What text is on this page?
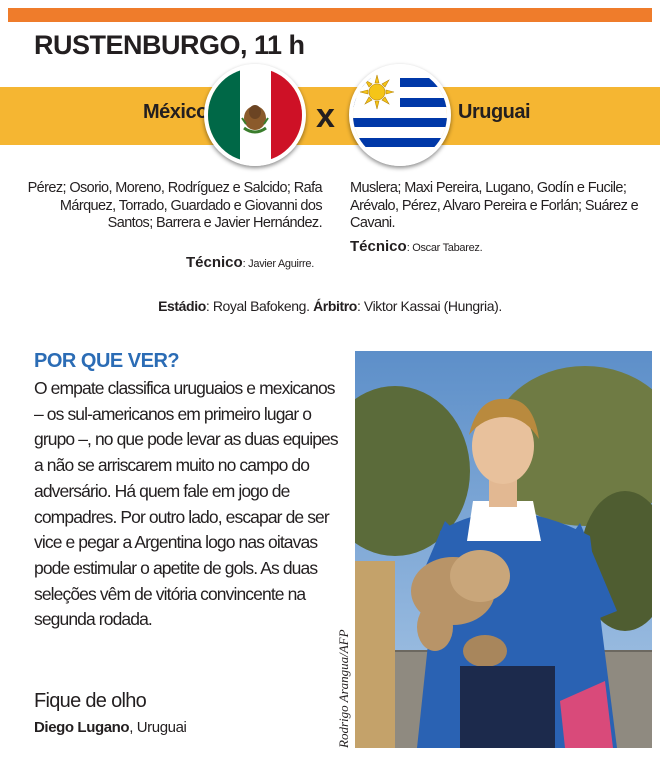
RUSTENBURGO, 11 h
México	x	Uruguai
Pérez; Osorio, Moreno, Rodríguez e Salcido; Rafa Márquez, Torrado, Guardado e Giovanni dos Santos; Barrera e Javier Hernández.
Muslera; Maxi Pereira, Lugano, Godín e Fucile; Arévalo, Pérez, Alvaro Pereira e Forlán; Suárez e Cavani.
Técnico: Javier Aguirre.
Técnico: Oscar Tabarez.
Estádio: Royal Bafokeng. Árbitro: Viktor Kassai (Hungria).
POR QUE VER?
O empate classifica uruguaios e mexicanos – os sul-americanos em primeiro lugar o grupo –, no que pode levar as duas equipes a não se arriscarem muito no campo do adversário. Há quem fale em jogo de compadres. Por outro lado, escapar de ser vice e pegar a Argentina logo nas oitavas pode estimular o apetite de gols. As duas seleções vêm de vitória convincente na segunda rodada.
Fique de olho
Diego Lugano, Uruguai	Rodrigo Arangua/AFP
